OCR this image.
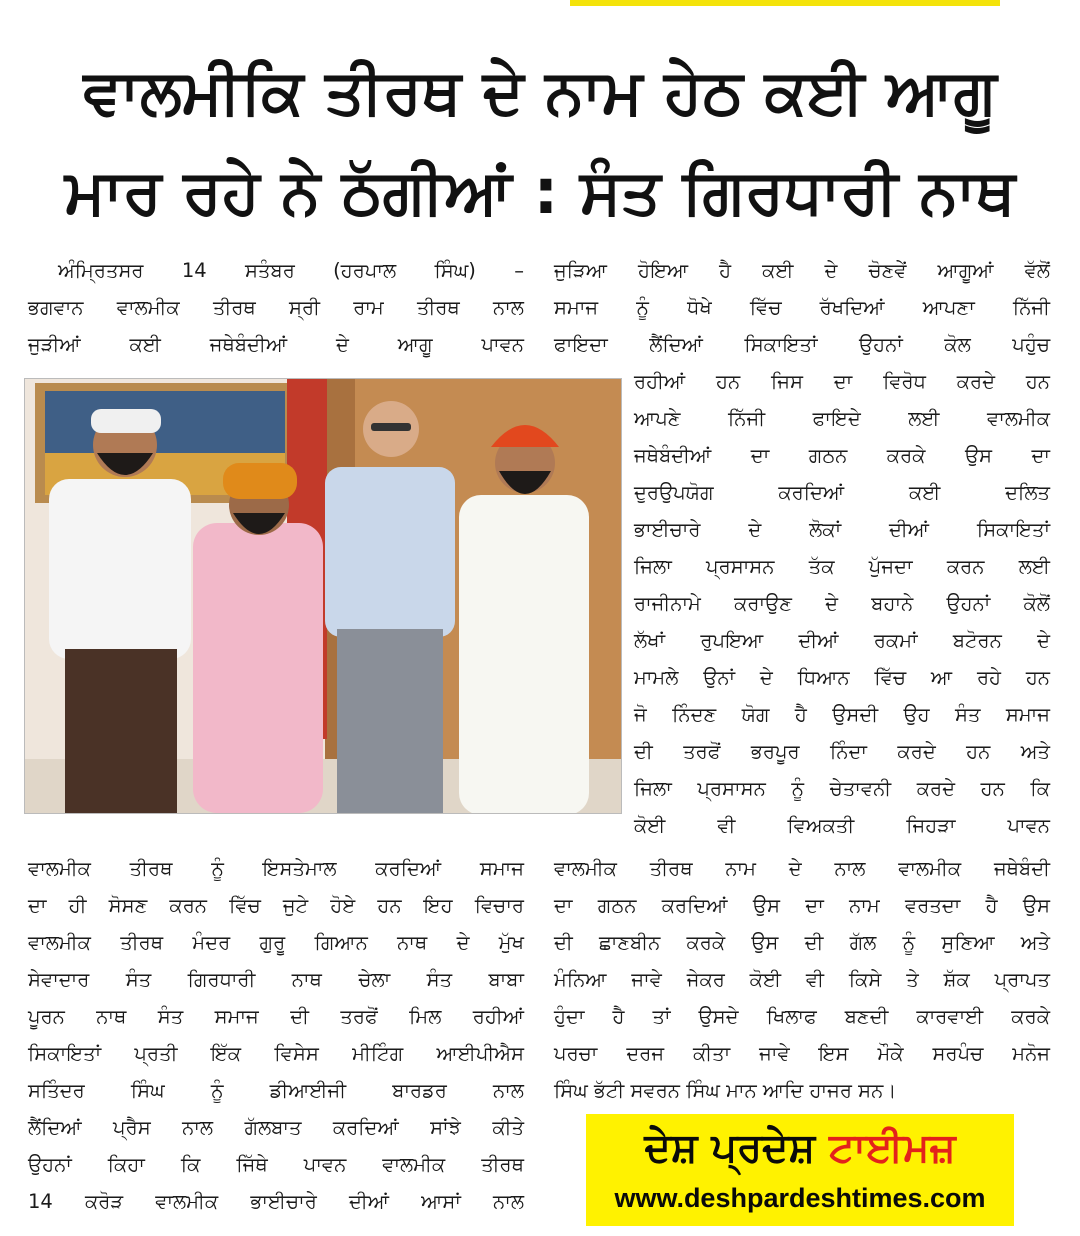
ਵਾਲਮੀਕਿ ਤੀਰਥ ਦੇ ਨਾਮ ਹੇਠ ਕਈ ਆਗੂ
ਮਾਰ ਰਹੇ ਨੇ ਠੱਗੀਆਂ : ਸੰਤ ਗਿਰਧਾਰੀ ਨਾਥ
ਅੰਮ੍ਰਿਤਸਰ 14 ਸਤੰਬਰ (ਹਰਪਾਲ ਸਿੰਘ) –
ਭਗਵਾਨ ਵਾਲਮੀਕ ਤੀਰਥ ਸ੍ਰੀ ਰਾਮ ਤੀਰਥ ਨਾਲ
ਜੁੜੀਆਂ ਕਈ ਜਥੇਬੰਦੀਆਂ ਦੇ ਆਗੂ ਪਾਵਨ
ਜੁੜਿਆ ਹੋਇਆ ਹੈ ਕਈ ਦੇ ਚੋਣਵੇਂ ਆਗੂਆਂ ਵੱਲੋਂ
ਸਮਾਜ ਨੂੰ ਧੋਖੇ ਵਿੱਚ ਰੱਖਦਿਆਂ ਆਪਣਾ ਨਿੱਜੀ
ਫਾਇਦਾ ਲੈਂਦਿਆਂ ਸਿਕਾਇਤਾਂ ਉਹਨਾਂ ਕੋਲ ਪਹੁੰਚ
ਰਹੀਆਂ ਹਨ ਜਿਸ ਦਾ ਵਿਰੋਧ ਕਰਦੇ ਹਨ
ਆਪਣੇ ਨਿੱਜੀ ਫਾਇਦੇ ਲਈ ਵਾਲਮੀਕ
ਜਥੇਬੰਦੀਆਂ ਦਾ ਗਠਨ ਕਰਕੇ ਉਸ ਦਾ
ਦੁਰਉਪਯੋਗ ਕਰਦਿਆਂ ਕਈ ਦਲਿਤ
ਭਾਈਚਾਰੇ ਦੇ ਲੋਕਾਂ ਦੀਆਂ ਸਿਕਾਇਤਾਂ
ਜਿਲਾ ਪ੍ਰਸਾਸਨ ਤੱਕ ਪੁੱਜਦਾ ਕਰਨ ਲਈ
ਰਾਜੀਨਾਮੇ ਕਰਾਉਣ ਦੇ ਬਹਾਨੇ ਉਹਨਾਂ ਕੋਲੋਂ
ਲੱਖਾਂ ਰੁਪਇਆ ਦੀਆਂ ਰਕਮਾਂ ਬਟੋਰਨ ਦੇ
ਮਾਮਲੇ ਉਨਾਂ ਦੇ ਧਿਆਨ ਵਿੱਚ ਆ ਰਹੇ ਹਨ
ਜੋ ਨਿੰਦਣ ਯੋਗ ਹੈ ਉਸਦੀ ਉਹ ਸੰਤ ਸਮਾਜ
ਦੀ ਤਰਫੋਂ ਭਰਪੂਰ ਨਿੰਦਾ ਕਰਦੇ ਹਨ ਅਤੇ
ਜਿਲਾ ਪ੍ਰਸਾਸਨ ਨੂੰ ਚੇਤਾਵਨੀ ਕਰਦੇ ਹਨ ਕਿ
ਕੋਈ ਵੀ ਵਿਅਕਤੀ ਜਿਹੜਾ ਪਾਵਨ
ਵਾਲਮੀਕ ਤੀਰਥ ਨੂੰ ਇਸਤੇਮਾਲ ਕਰਦਿਆਂ ਸਮਾਜ
ਦਾ ਹੀ ਸੋਸਣ ਕਰਨ ਵਿੱਚ ਜੁਟੇ ਹੋਏ ਹਨ ਇਹ ਵਿਚਾਰ
ਵਾਲਮੀਕ ਤੀਰਥ ਮੰਦਰ ਗੁਰੂ ਗਿਆਨ ਨਾਥ ਦੇ ਮੁੱਖ
ਸੇਵਾਦਾਰ ਸੰਤ ਗਿਰਧਾਰੀ ਨਾਥ ਚੇਲਾ ਸੰਤ ਬਾਬਾ
ਪੂਰਨ ਨਾਥ ਸੰਤ ਸਮਾਜ ਦੀ ਤਰਫੋਂ ਮਿਲ ਰਹੀਆਂ
ਸਿਕਾਇਤਾਂ ਪ੍ਰਤੀ ਇੱਕ ਵਿਸੇਸ ਮੀਟਿੰਗ ਆਈਪੀਐਸ
ਸਤਿੰਦਰ ਸਿੰਘ ਨੂੰ ਡੀਆਈਜੀ ਬਾਰਡਰ ਨਾਲ
ਲੈਂਦਿਆਂ ਪ੍ਰੈਸ ਨਾਲ ਗੱਲਬਾਤ ਕਰਦਿਆਂ ਸਾਂਝੇ ਕੀਤੇ
ਉਹਨਾਂ ਕਿਹਾ ਕਿ ਜਿੱਥੇ ਪਾਵਨ ਵਾਲਮੀਕ ਤੀਰਥ
14 ਕਰੋੜ ਵਾਲਮੀਕ ਭਾਈਚਾਰੇ ਦੀਆਂ ਆਸਾਂ ਨਾਲ
ਵਾਲਮੀਕ ਤੀਰਥ ਨਾਮ ਦੇ ਨਾਲ ਵਾਲਮੀਕ ਜਥੇਬੰਦੀ
ਦਾ ਗਠਨ ਕਰਦਿਆਂ ਉਸ ਦਾ ਨਾਮ ਵਰਤਦਾ ਹੈ ਉਸ
ਦੀ ਛਾਣਬੀਨ ਕਰਕੇ ਉਸ ਦੀ ਗੱਲ ਨੂੰ ਸੁਣਿਆ ਅਤੇ
ਮੰਨਿਆ ਜਾਵੇ ਜੇਕਰ ਕੋਈ ਵੀ ਕਿਸੇ ਤੇ ਸ਼ੱਕ ਪ੍ਰਾਪਤ
ਹੁੰਦਾ ਹੈ ਤਾਂ ਉਸਦੇ ਖਿਲਾਫ ਬਣਦੀ ਕਾਰਵਾਈ ਕਰਕੇ
ਪਰਚਾ ਦਰਜ ਕੀਤਾ ਜਾਵੇ ਇਸ ਮੌਕੇ ਸਰਪੰਚ ਮਨੋਜ
ਸਿੰਘ ਭੱਟੀ ਸਵਰਨ ਸਿੰਘ ਮਾਨ ਆਦਿ ਹਾਜਰ ਸਨ।
ਦੇਸ਼ ਪ੍ਰਦੇਸ਼ ਟਾਈਮਜ਼
www.deshpardeshtimes.com
